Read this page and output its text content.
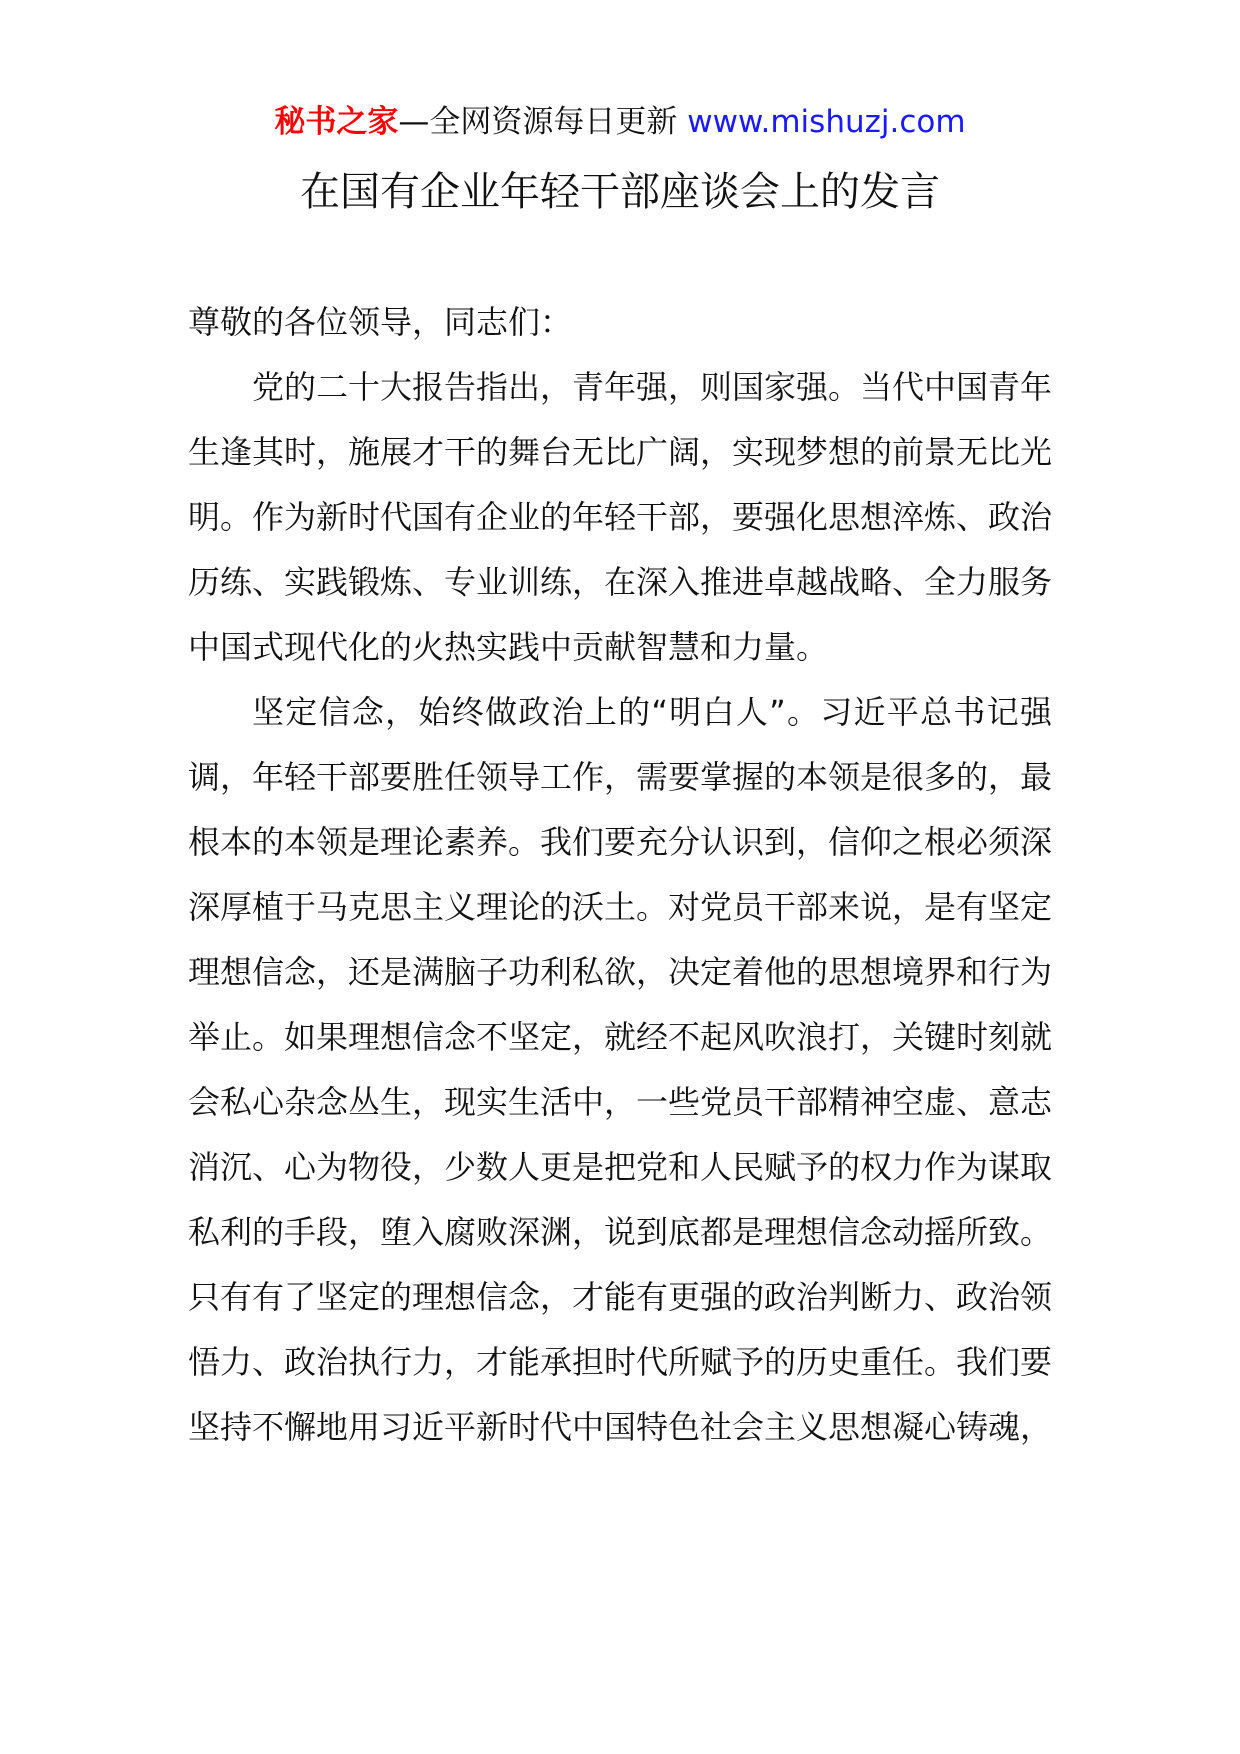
秘书之家—全网资源每日更新 www.mishuzj.com
在国有企业年轻干部座谈会上的发言

尊敬的各位领导，同志们：

党的二十大报告指出，青年强，则国家强。当代中国青年生逢其时，施展才干的舞台无比广阔，实现梦想的前景无比光明。作为新时代国有企业的年轻干部，要强化思想淬炼、政治历练、实践锻炼、专业训练，在深入推进卓越战略、全力服务中国式现代化的火热实践中贡献智慧和力量。

坚定信念，始终做政治上的“明白人”。习近平总书记强调，年轻干部要胜任领导工作，需要掌握的本领是很多的，最根本的本领是理论素养。我们要充分认识到，信仰之根必须深深厚植于马克思主义理论的沃土。对党员干部来说，是有坚定理想信念，还是满脑子功利私欲，决定着他的思想境界和行为举止。如果理想信念不坚定，就经不起风吹浪打，关键时刻就会私心杂念丛生，现实生活中，一些党员干部精神空虚、意志消沉、心为物役，少数人更是把党和人民赋予的权力作为谋取私利的手段，堕入腐败深渊，说到底都是理想信念动摇所致。只有有了坚定的理想信念，才能有更强的政治判断力、政治领悟力、政治执行力，才能承担时代所赋予的历史重任。我们要坚持不懈地用习近平新时代中国特色社会主义思想凝心铸魂，
